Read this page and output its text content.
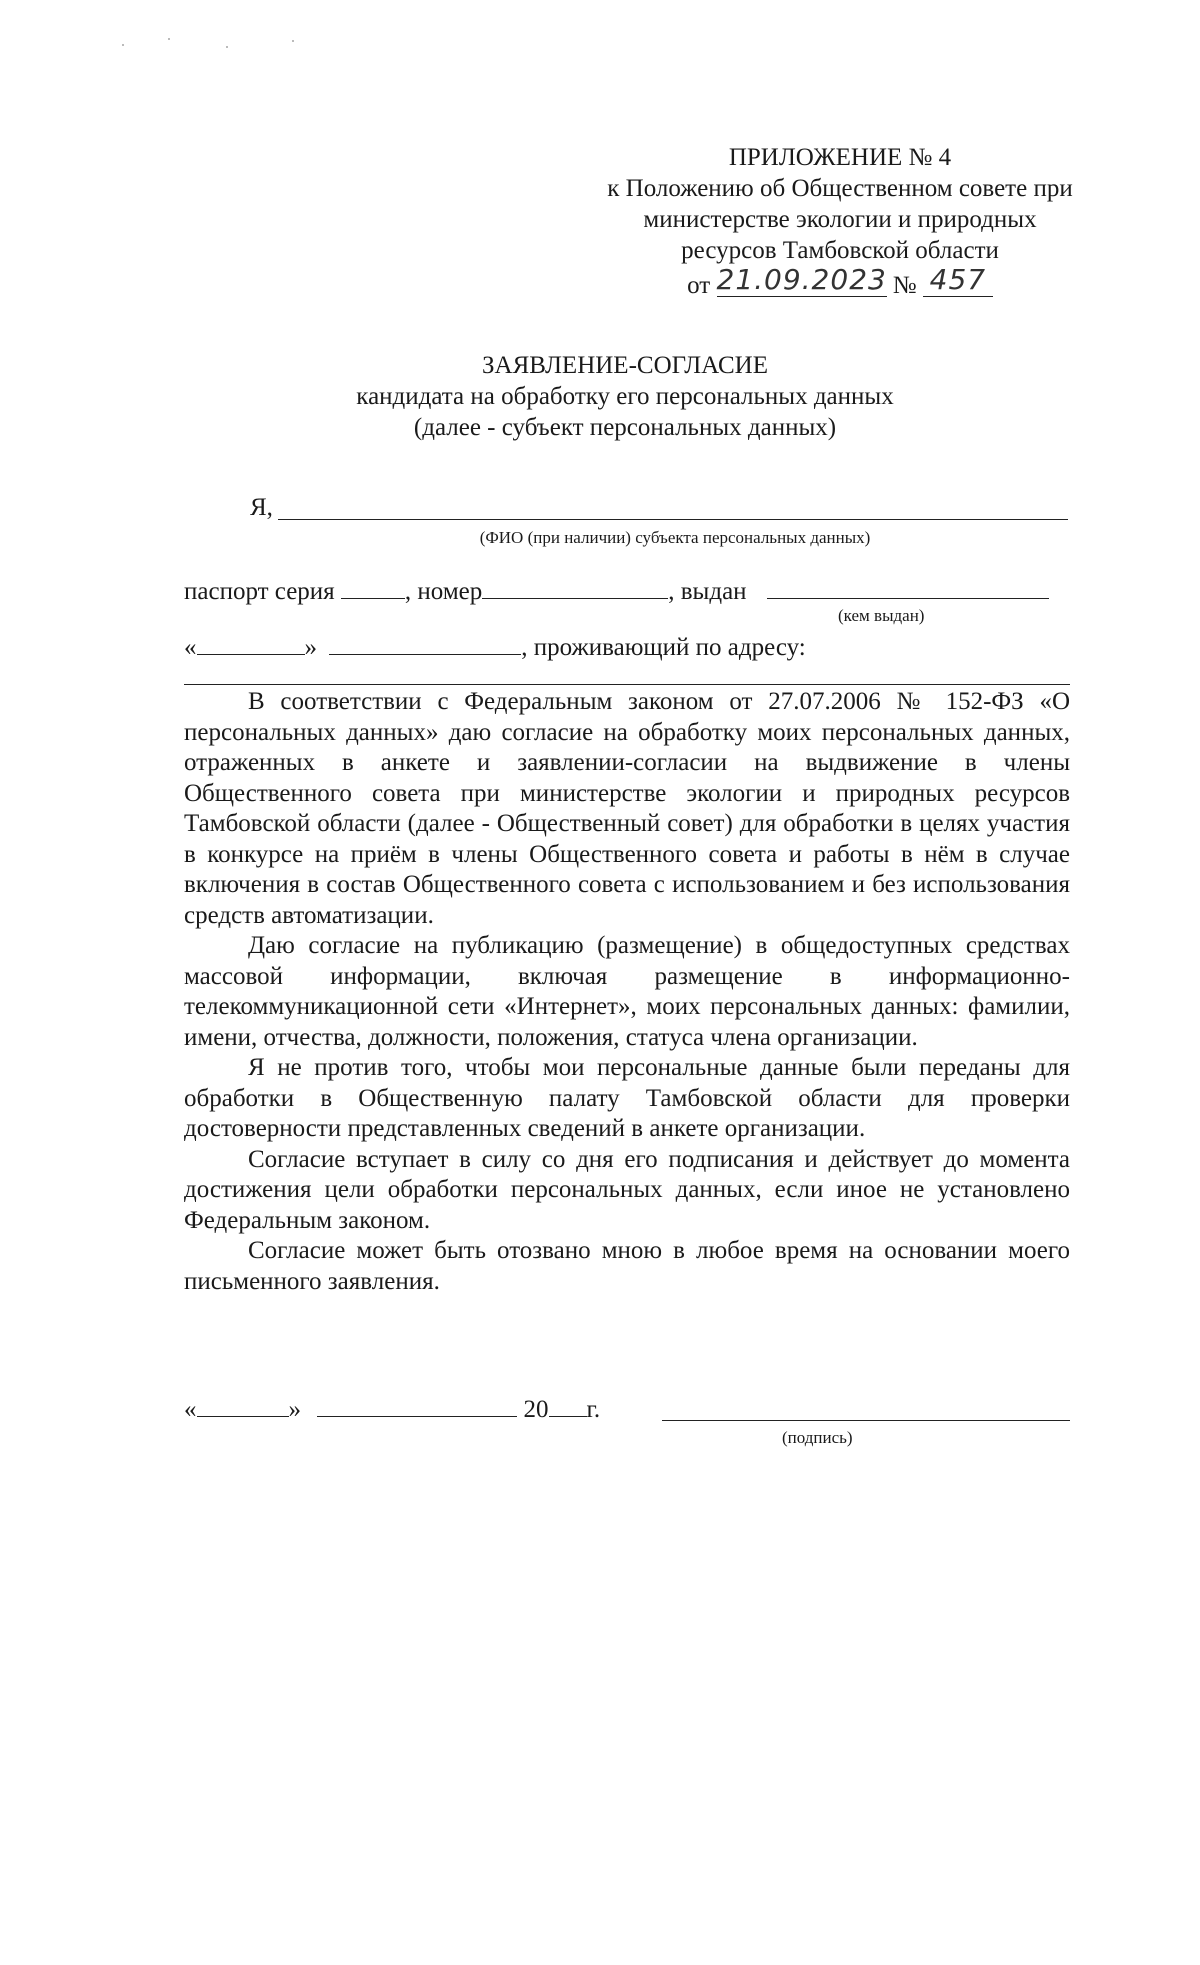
ПРИЛОЖЕНИЕ № 4
к Положению об Общественном совете при
министерстве экологии и природных
ресурсов Тамбовской области
от 21.09.2023 № 457
ЗАЯВЛЕНИЕ-СОГЛАСИЕ
кандидата на обработку его персональных данных
(далее - субъект персональных данных)
Я,
(ФИО (при наличии) субъекта персональных данных)
паспорт серия	, номер	, выдан
(кем выдан)
«	»	, проживающий по адресу:

В соответствии с Федеральным законом от 27.07.2006 № 152-ФЗ «О персональных данных» даю согласие на обработку моих персональных данных, отраженных в анкете и заявлении-согласии на выдвижение в члены Общественного совета при министерстве экологии и природных ресурсов Тамбовской области (далее - Общественный совет) для обработки в целях участия в конкурсе на приём в члены Общественного совета и работы в нём в случае включения в состав Общественного совета с использованием и без использования средств автоматизации.

Даю согласие на публикацию (размещение) в общедоступных средствах массовой информации, включая размещение в информационно-телекоммуникационной сети «Интернет», моих персональных данных: фамилии, имени, отчества, должности, положения, статуса члена организации.

Я не против того, чтобы мои персональные данные были переданы для обработки в Общественную палату Тамбовской области для проверки достоверности представленных сведений в анкете организации.

Согласие вступает в силу со дня его подписания и действует до момента достижения цели обработки персональных данных, если иное не установлено Федеральным законом.

Согласие может быть отозвано мною в любое время на основании моего письменного заявления.

«	»	20 г.
(подпись)
